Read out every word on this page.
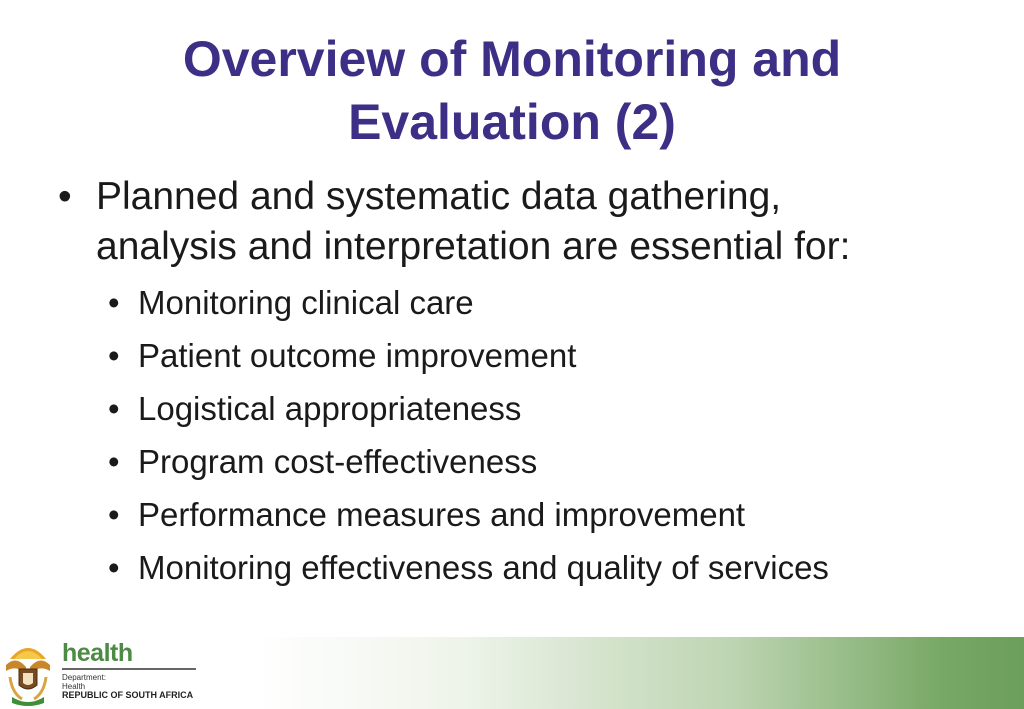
Overview of Monitoring and
Evaluation (2)
• Planned and systematic data gathering,
analysis and interpretation are essential for:
• Monitoring clinical care
• Patient outcome improvement
• Logistical appropriateness
• Program cost-effectiveness
• Performance measures and improvement
• Monitoring effectiveness and quality of services
health
Department:
Health
REPUBLIC OF SOUTH AFRICA
